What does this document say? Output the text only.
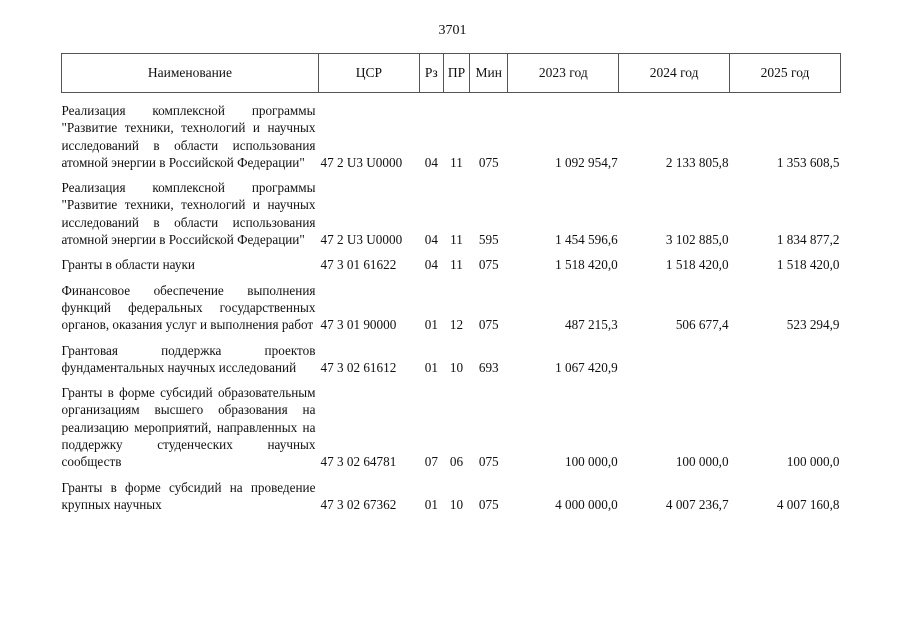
3701
Наименование	ЦСР	Рз	ПР	Мин	2023 год	2024 год	2025 год
Реализация комплексной программы "Развитие техники, технологий и научных исследований в области использования атомной энергии в Российской Федерации"	47 2 U3 U0000	04	11	075	1 092 954,7	2 133 805,8	1 353 608,5
Реализация комплексной программы "Развитие техники, технологий и научных исследований в области использования атомной энергии в Российской Федерации"	47 2 U3 U0000	04	11	595	1 454 596,6	3 102 885,0	1 834 877,2
Гранты в области науки	47 3 01 61622	04	11	075	1 518 420,0	1 518 420,0	1 518 420,0
Финансовое обеспечение выполнения функций федеральных государственных органов, оказания услуг и выполнения работ	47 3 01 90000	01	12	075	487 215,3	506 677,4	523 294,9
Грантовая поддержка проектов фундаментальных научных исследований	47 3 02 61612	01	10	693	1 067 420,9		
Гранты в форме субсидий образовательным организациям высшего образования на реализацию мероприятий, направленных на поддержку студенческих научных сообществ	47 3 02 64781	07	06	075	100 000,0	100 000,0	100 000,0
Гранты в форме субсидий на проведение крупных научных	47 3 02 67362	01	10	075	4 000 000,0	4 007 236,7	4 007 160,8
